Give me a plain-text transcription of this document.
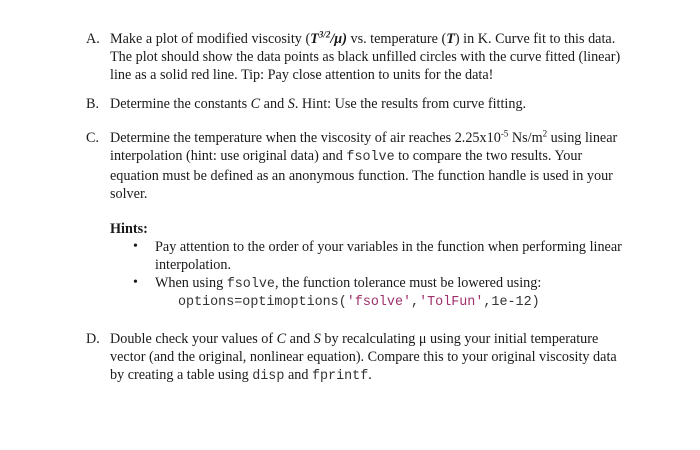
A. Make a plot of modified viscosity $(T^{3/2}/\mu)$ vs. temperature (T) in K. Curve fit to this data.
The plot should show the data points as black unfilled circles with the curve fitted (linear)
line as a solid red line. Tip: Pay close attention to units for the data!
B. Determine the constants C and S. Hint: Use the results from curve fitting.
C. Determine the temperature when the viscosity of air reaches $2.25x10^{-5}$ $Ns/m^2$ using linear
interpolation (hint: use original data) and fsolve to compare the two results. Your
equation must be defined as an anonymous function. The function handle is used in your
solver.
Hints:
• Pay attention to the order of your variables in the function when performing linear
interpolation.
• When using fsolve, the function tolerance must be lowered using:
options=optimoptions('fsolve','TolFun',1e-12)
D. Double check your values of C and S by recalculating μ using your initial temperature
vector (and the original, nonlinear equation). Compare this to your original viscosity data
by creating a table using disp and fprintf.
